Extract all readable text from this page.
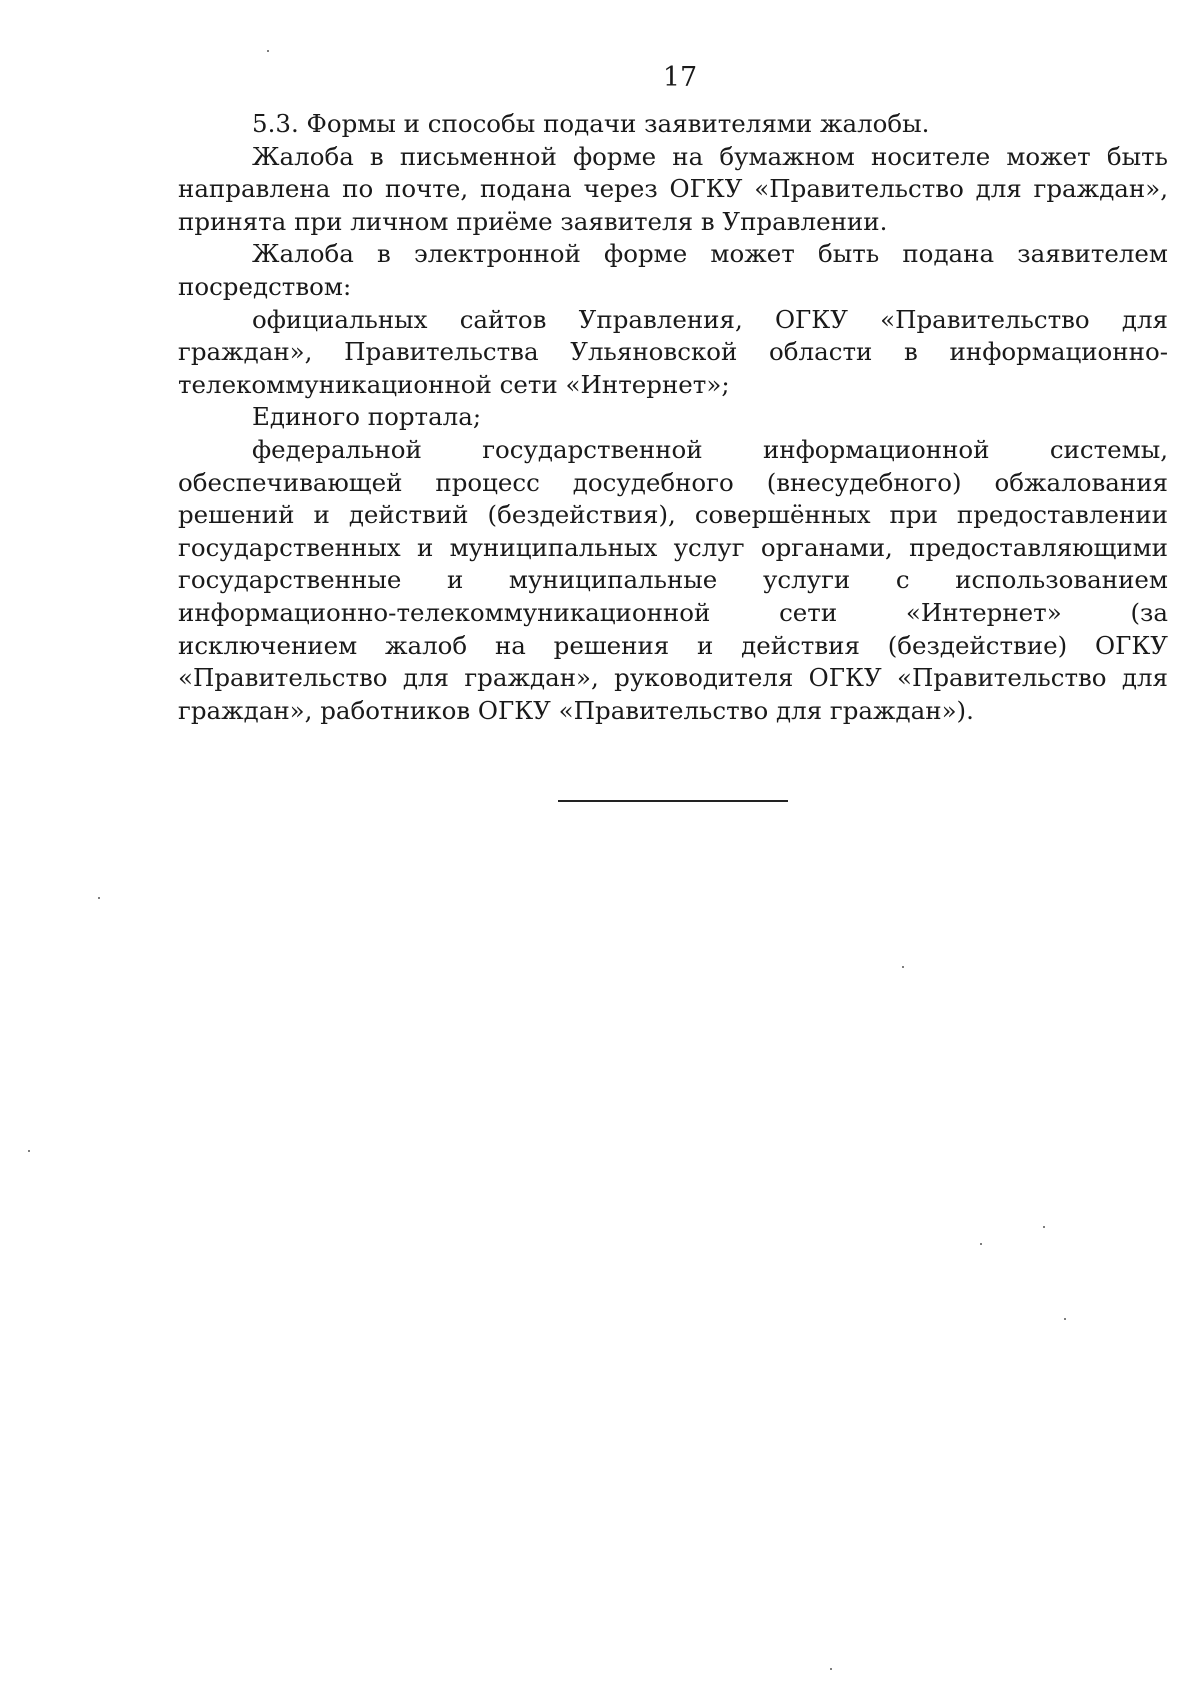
17

5.3. Формы и способы подачи заявителями жалобы.

Жалоба в письменной форме на бумажном носителе может быть направлена по почте, подана через ОГКУ «Правительство для граждан», принята при личном приёме заявителя в Управлении.

Жалоба в электронной форме может быть подана заявителем посредством:

официальных сайтов Управления, ОГКУ «Правительство для граждан», Правительства Ульяновской области в информационно-телекоммуникационной сети «Интернет»;

Единого портала;

федеральной государственной информационной системы, обеспечивающей процесс досудебного (внесудебного) обжалования решений и действий (бездействия), совершённых при предоставлении государственных и муниципальных услуг органами, предоставляющими государственные и муниципальные услуги с использованием информационно-телекоммуникационной сети «Интернет» (за исключением жалоб на решения и действия (бездействие) ОГКУ «Правительство для граждан», руководителя ОГКУ «Правительство для граждан», работников ОГКУ «Правительство для граждан»).
